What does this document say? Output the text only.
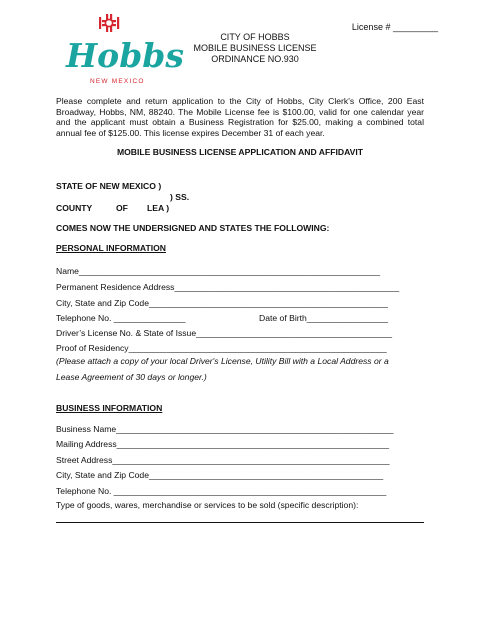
License # _________
Hobbs
NEW MEXICO
CITY OF HOBBS
MOBILE BUSINESS LICENSE
ORDINANCE NO.930
Please complete and return application to the City of Hobbs, City Clerk's Office, 200 East Broadway, Hobbs, NM, 88240. The Mobile License fee is $100.00, valid for one calendar year and the applicant must obtain a Business Registration for $25.00, making a combined total annual fee of $125.00. This license expires December 31 of each year.
MOBILE BUSINESS LICENSE APPLICATION AND AFFIDAVIT
STATE OF NEW MEXICO )
) SS.
COUNTY	OF LEA )
COMES NOW THE UNDERSIGNED AND STATES THE FOLLOWING:
PERSONAL INFORMATION
Name_______________________________________________________________
Permanent Residence Address_______________________________________________
City, State and Zip Code__________________________________________________
Telephone No. _______________	Date of Birth_________________
Driver’s License No. & State of Issue_________________________________________
Proof of Residency______________________________________________________
(Please attach a copy of your local Driver's License, Utility Bill with a Local Address or a
Lease Agreement of 30 days or longer.)
BUSINESS INFORMATION
Business Name__________________________________________________________
Mailing Address_________________________________________________________
Street Address__________________________________________________________
City, State and Zip Code_________________________________________________
Telephone No. _________________________________________________________
Type of goods, wares, merchandise or services to be sold (specific description):
